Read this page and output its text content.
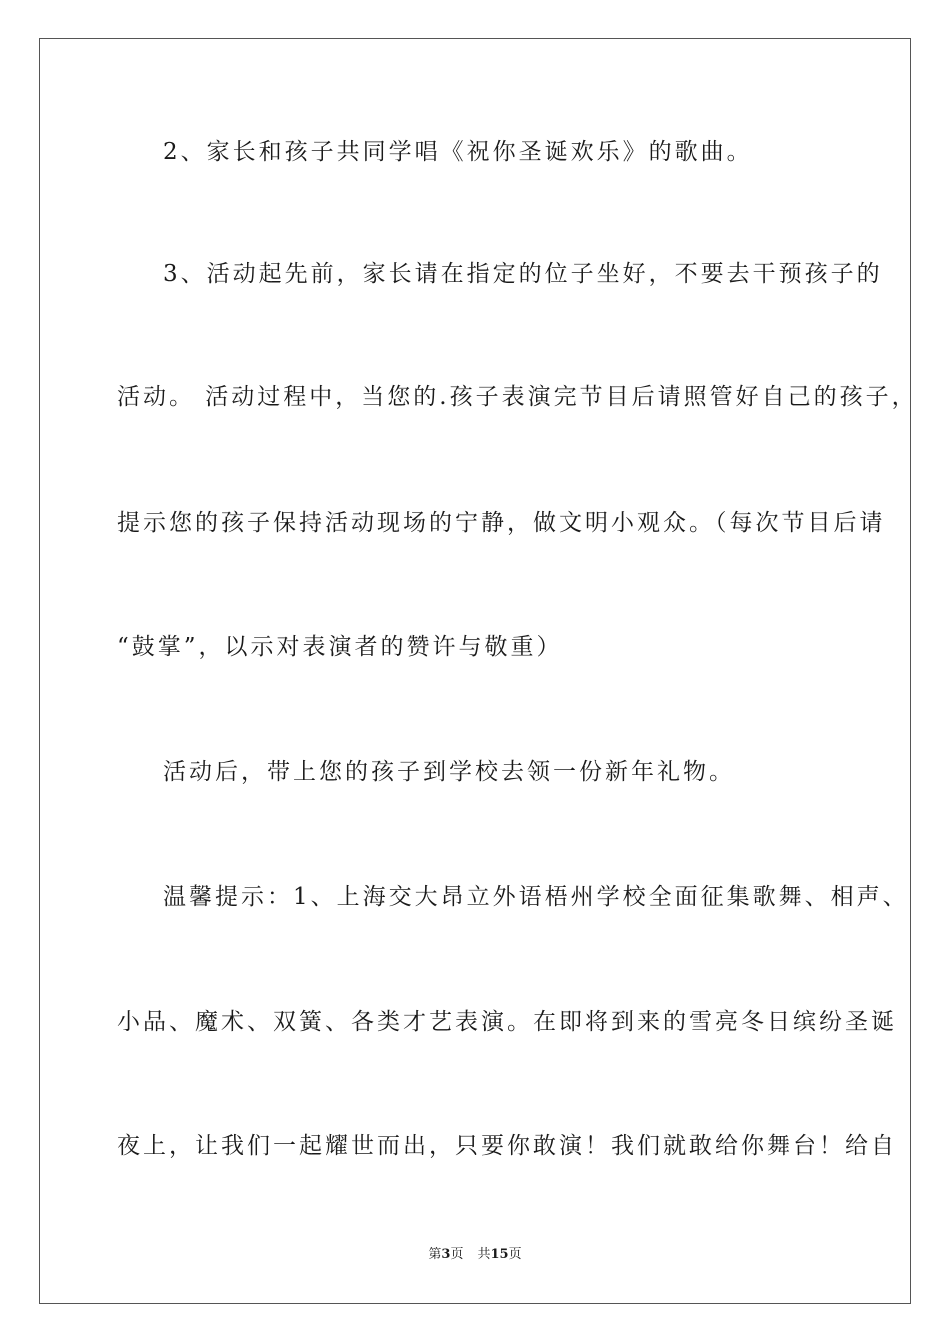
2、家长和孩子共同学唱《祝你圣诞欢乐》的歌曲。
3、活动起先前，家长请在指定的位子坐好，不要去干预孩子的
活动。 活动过程中，当您的.孩子表演完节目后请照管好自己的孩子，
提示您的孩子保持活动现场的宁静，做文明小观众。（每次节目后请
“鼓掌”，以示对表演者的赞许与敬重）
活动后，带上您的孩子到学校去领一份新年礼物。
温馨提示：1、上海交大昂立外语梧州学校全面征集歌舞、相声、
小品、魔术、双簧、各类才艺表演。在即将到来的雪亮冬日缤纷圣诞
夜上，让我们一起耀世而出，只要你敢演！我们就敢给你舞台！给自
第3页 共15页
